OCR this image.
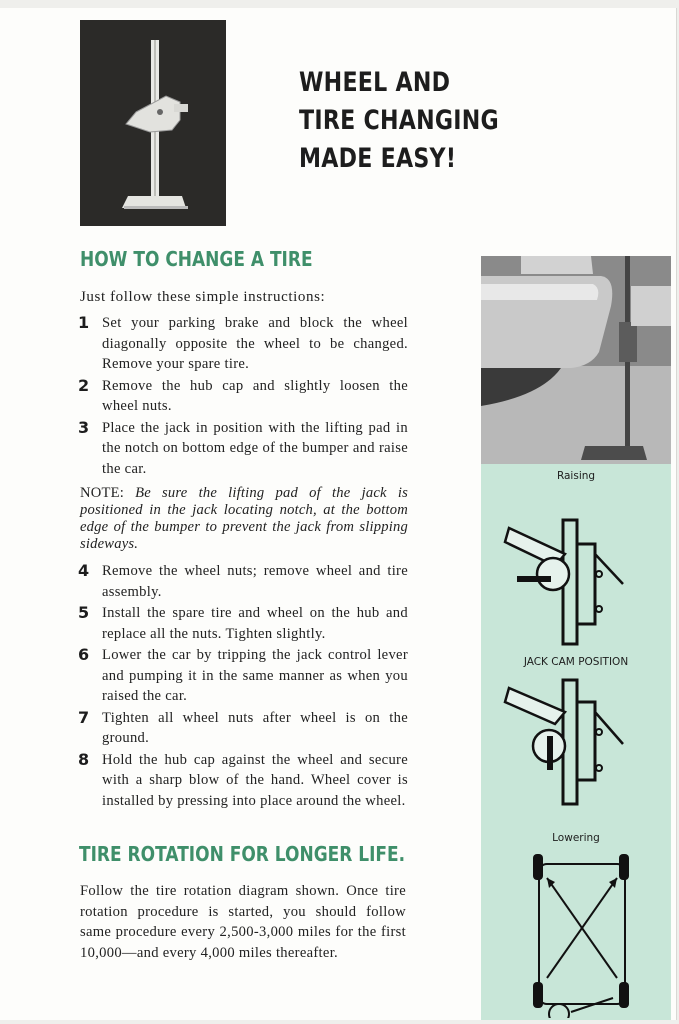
WHEEL AND
TIRE CHANGING
MADE EASY!
HOW TO CHANGE A TIRE
Just follow these simple instructions:
1 Set your parking brake and block the wheel diagonally opposite the wheel to be changed. Remove your spare tire.
2 Remove the hub cap and slightly loosen the wheel nuts.
3 Place the jack in position with the lifting pad in the notch on bottom edge of the bumper and raise the car.
NOTE: Be sure the lifting pad of the jack is positioned in the jack locating notch, at the bottom edge of the bumper to prevent the jack from slipping sideways.
4 Remove the wheel nuts; remove wheel and tire assembly.
5 Install the spare tire and wheel on the hub and replace all the nuts. Tighten slightly.
6 Lower the car by tripping the jack control lever and pumping it in the same manner as when you raised the car.
7 Tighten all wheel nuts after wheel is on the ground.
8 Hold the hub cap against the wheel and secure with a sharp blow of the hand. Wheel cover is installed by pressing into place around the wheel.
TIRE ROTATION FOR LONGER LIFE.
Follow the tire rotation diagram shown. Once tire rotation procedure is started, you should follow same procedure every 2,500-3,000 miles for the first 10,000—and every 4,000 miles thereafter.
Raising
JACK CAM POSITION
Lowering
